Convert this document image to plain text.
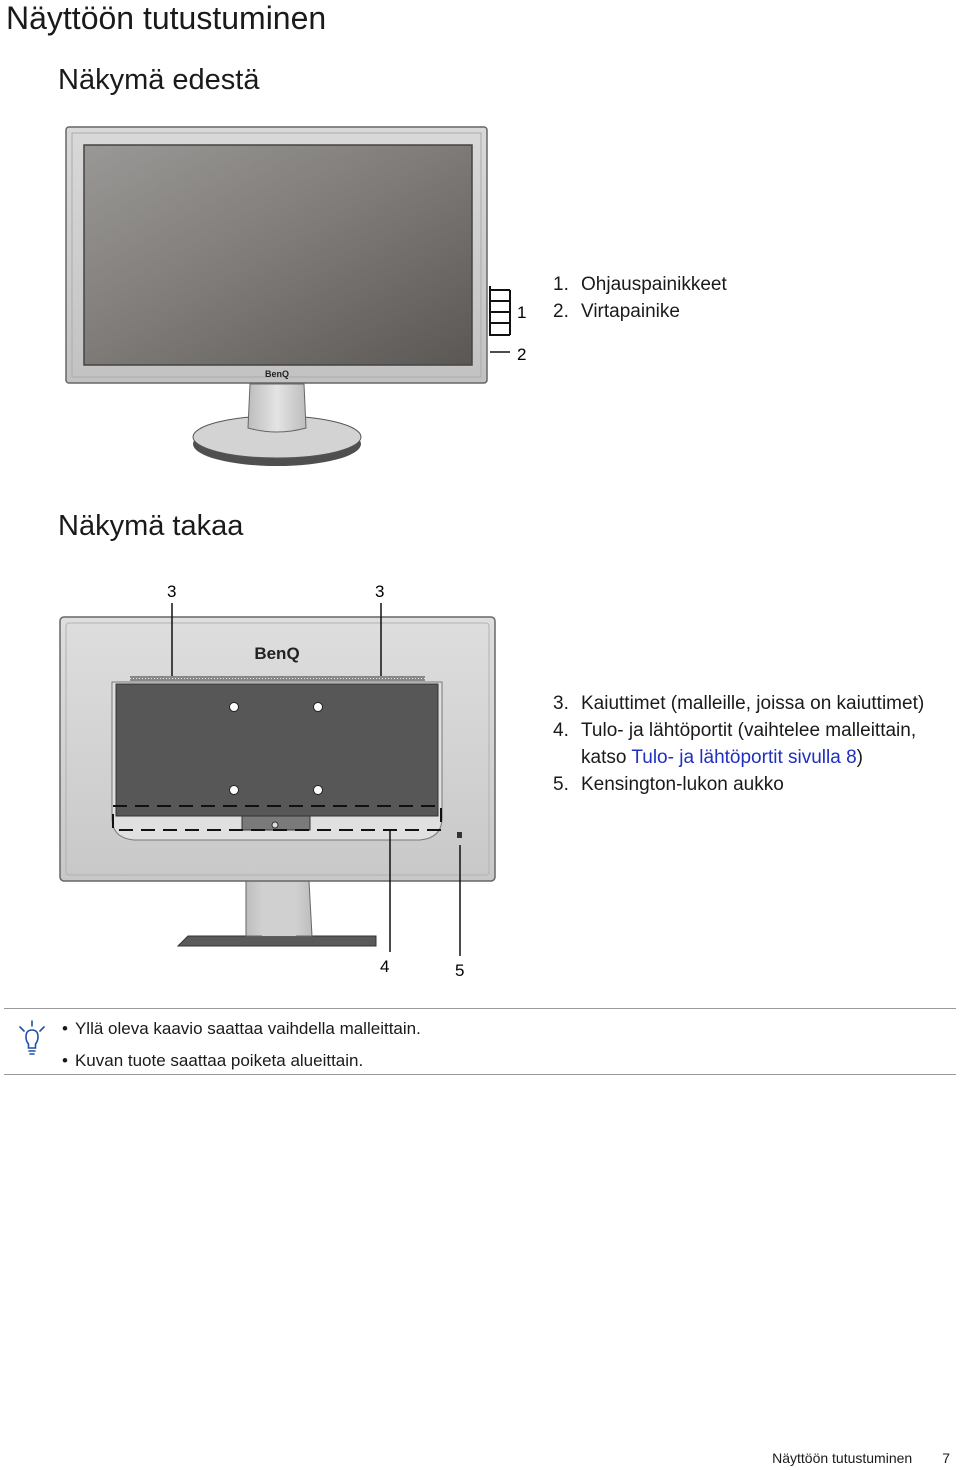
Näyttöön tutustuminen
Näkymä edestä
BenQ
1
2
BenQ
3	3
4	5
1. Ohjauspainikkeet
2. Virtapainike
Näkymä takaa
3. Kaiuttimet (malleille, joissa on kaiuttimet)
4. Tulo- ja lähtöportit (vaihtelee malleittain, katso Tulo- ja lähtöportit sivulla 8)
5. Kensington-lukon aukko
• Yllä oleva kaavio saattaa vaihdella malleittain.
• Kuvan tuote saattaa poiketa alueittain.
Näyttöön tutustuminen 7
